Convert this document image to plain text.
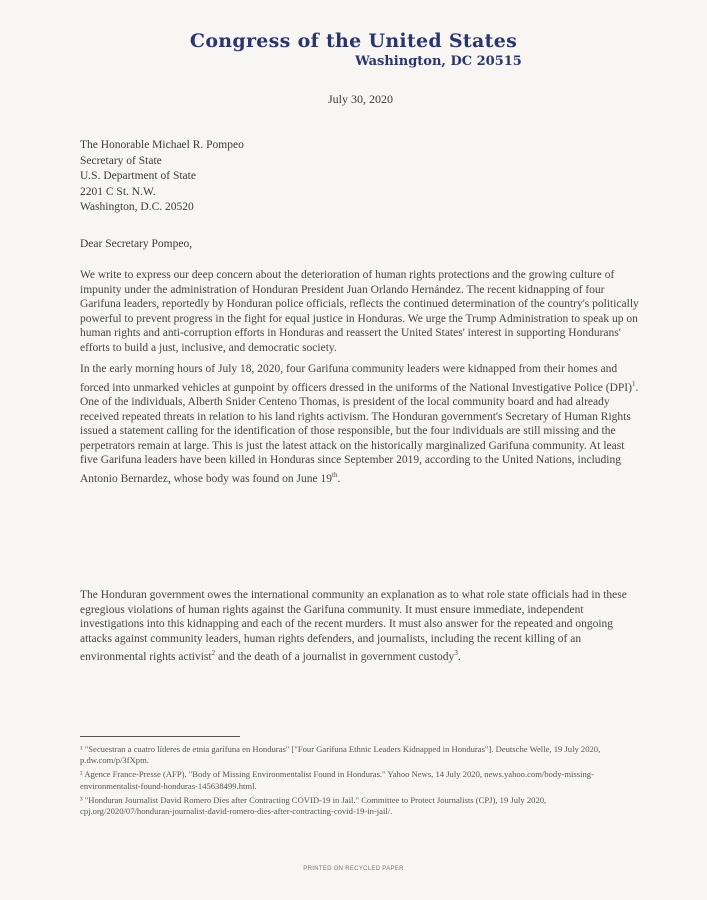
Congress of the United States
Washington, DC 20515
July 30, 2020
The Honorable Michael R. Pompeo
Secretary of State
U.S. Department of State
2201 C St. N.W.
Washington, D.C. 20520
Dear Secretary Pompeo,

We write to express our deep concern about the deterioration of human rights protections and the growing culture of impunity under the administration of Honduran President Juan Orlando Hernández. The recent kidnapping of four Garifuna leaders, reportedly by Honduran police officials, reflects the continued determination of the country's politically powerful to prevent progress in the fight for equal justice in Honduras. We urge the Trump Administration to speak up on human rights and anti-corruption efforts in Honduras and reassert the United States' interest in supporting Hondurans' efforts to build a just, inclusive, and democratic society.

In the early morning hours of July 18, 2020, four Garifuna community leaders were kidnapped from their homes and forced into unmarked vehicles at gunpoint by officers dressed in the uniforms of the National Investigative Police (DPI)$^1$. One of the individuals, Alberth Snider Centeno Thomas, is president of the local community board and had already received repeated threats in relation to his land rights activism. The Honduran government's Secretary of Human Rights issued a statement calling for the identification of those responsible, but the four individuals are still missing and the perpetrators remain at large. This is just the latest attack on the historically marginalized Garifuna community. At least five Garifuna leaders have been killed in Honduras since September 2019, according to the United Nations, including Antonio Bernardez, whose body was found on June 19th.

The Honduran government owes the international community an explanation as to what role state officials had in these egregious violations of human rights against the Garifuna community. It must ensure immediate, independent investigations into this kidnapping and each of the recent murders. It must also answer for the repeated and ongoing attacks against community leaders, human rights defenders, and journalists, including the recent killing of an environmental rights activist$^2$ and the death of a journalist in government custody$^3$.

¹ "Secuestran a cuatro líderes de etnia garífuna en Honduras" ["Four Garífuna Ethnic Leaders Kidnapped in Honduras"]. Deutsche Welle, 19 July 2020, p.dw.com/p/3fXpm.
² Agence France-Presse (AFP). "Body of Missing Environmentalist Found in Honduras." Yahoo News, 14 July 2020, news.yahoo.com/body-missing-environmentalist-found-honduras-145638499.html.
³ "Honduran Journalist David Romero Dies after Contracting COVID-19 in Jail." Committee to Protect Journalists (CPJ), 19 July 2020, cpj.org/2020/07/honduran-journalist-david-romero-dies-after-contracting-covid-19-in-jail/.
PRINTED ON RECYCLED PAPER
